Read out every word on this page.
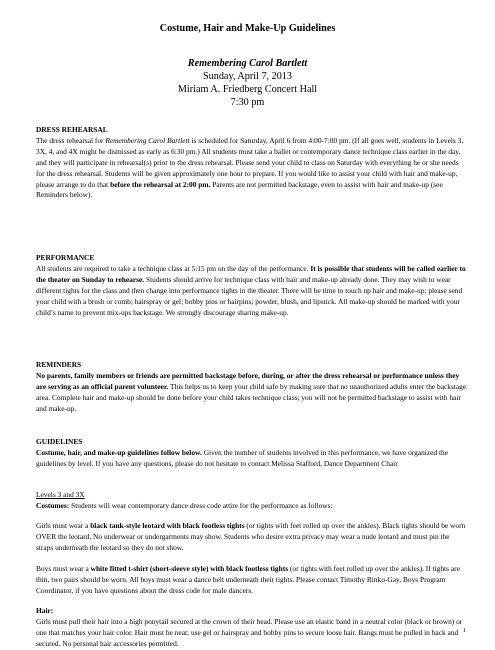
Costume, Hair and Make-Up Guidelines
Remembering Carol Bartlett
Sunday, April 7, 2013
Miriam A. Friedberg Concert Hall
7:30 pm

DRESS REHEARSAL

The dress rehearsal for Remembering Carol Bartlett is scheduled for Saturday, April 6 from 4:00-7:00 pm. (If all goes well, students in Levels 3, 3X, 4, and 4X might be dismissed as early as 6:30 pm.) All students must take a ballet or contemporary dance technique class earlier in the day, and they will participate in rehearsal(s) prior to the dress rehearsal. Please send your child to class on Saturday with everything he or she needs for the dress rehearsal. Students will be given approximately one hour to prepare. If you would like to assist your child with hair and make-up, please arrange to do that before the rehearsal at 2:00 pm. Parents are not permitted backstage, even to assist with hair and make-up (see Reminders below).

PERFORMANCE

All students are required to take a technique class at 5:15 pm on the day of the performance. It is possible that students will be called earlier to the theater on Sunday to rehearse. Students should arrive for technique class with hair and make-up already done. They may wish to wear different tights for the class and then change into performance tights in the theater. There will be time to touch up hair and make-up; please send your child with a brush or comb; hairspray or gel; bobby pins or hairpins; powder, blush, and lipstick. All make-up should be marked with your child’s name to prevent mix-ups backstage. We strongly discourage sharing make-up.

REMINDERS

No parents, family members or friends are permitted backstage before, during, or after the dress rehearsal or performance unless they are serving as an official parent volunteer. This helps us to keep your child safe by making sure that no unauthorized adults enter the backstage area. Complete hair and make-up should be done before your child takes technique class; you will not be permitted backstage to assist with hair and make-up.

GUIDELINES

Costume, hair, and make-up guidelines follow below. Given the number of students involved in this performance, we have organized the guidelines by level. If you have any questions, please do not hesitate to contact Melissa Stafford, Dance Department Chair.

Levels 3 and 3X

Costumes: Students will wear contemporary dance dress code attire for the performance as follows:

Girls must wear a black tank-style leotard with black footless tights (or tights with feet rolled up over the ankles). Black tights should be worn OVER the leotard. No underwear or undergarments may show. Students who desire extra privacy may wear a nude leotard and must pin the straps underneath the leotard so they do not show.

Boys must wear a white fitted t-shirt (short-sleeve style) with black footless tights (or tights with feet rolled up over the ankles). If tights are thin, two pairs should be worn. All boys must wear a dance belt underneath their tights. Please contact Timothy Rinko-Gay, Boys Program Coordinator, if you have questions about the dress code for male dancers.

Hair:

Girls must pull their hair into a high ponytail secured at the crown of their head. Please use an elastic band in a neutral color (black or brown) or one that matches your hair color. Hair must be neat; use gel or hairspray and bobby pins to secure loose hair. Bangs must be pulled in back and secured. No personal hair accessories permitted.

1
